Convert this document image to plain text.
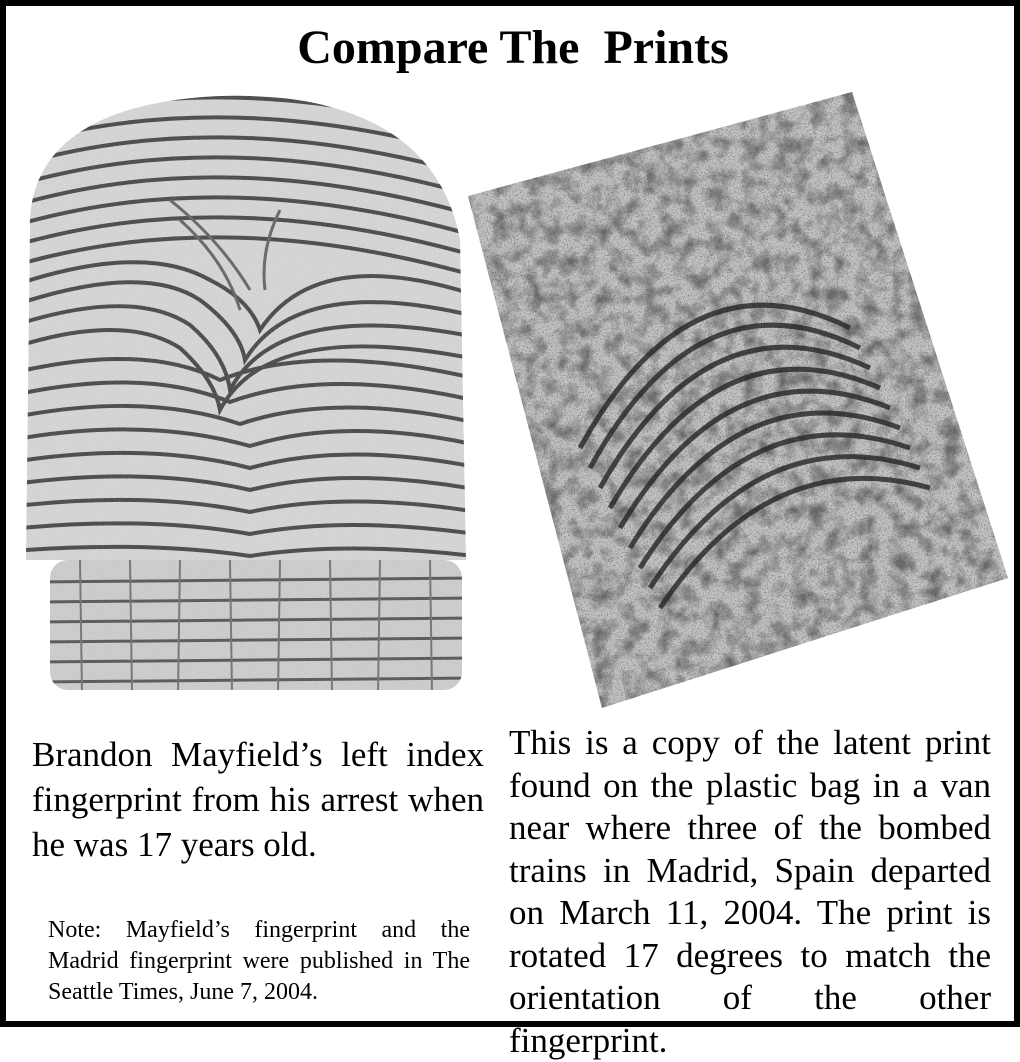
Compare The  Prints
Brandon Mayfield’s left index fingerprint from his arrest when he was 17 years old.
This is a copy of the latent print found on the plastic bag in a van near where three of the bombed trains in Madrid, Spain departed on March 11, 2004. The print is rotated 17 degrees to match the orientation of the other fingerprint.
Note: Mayfield’s fingerprint and the Madrid fingerprint were published in The Seattle Times, June 7, 2004.
